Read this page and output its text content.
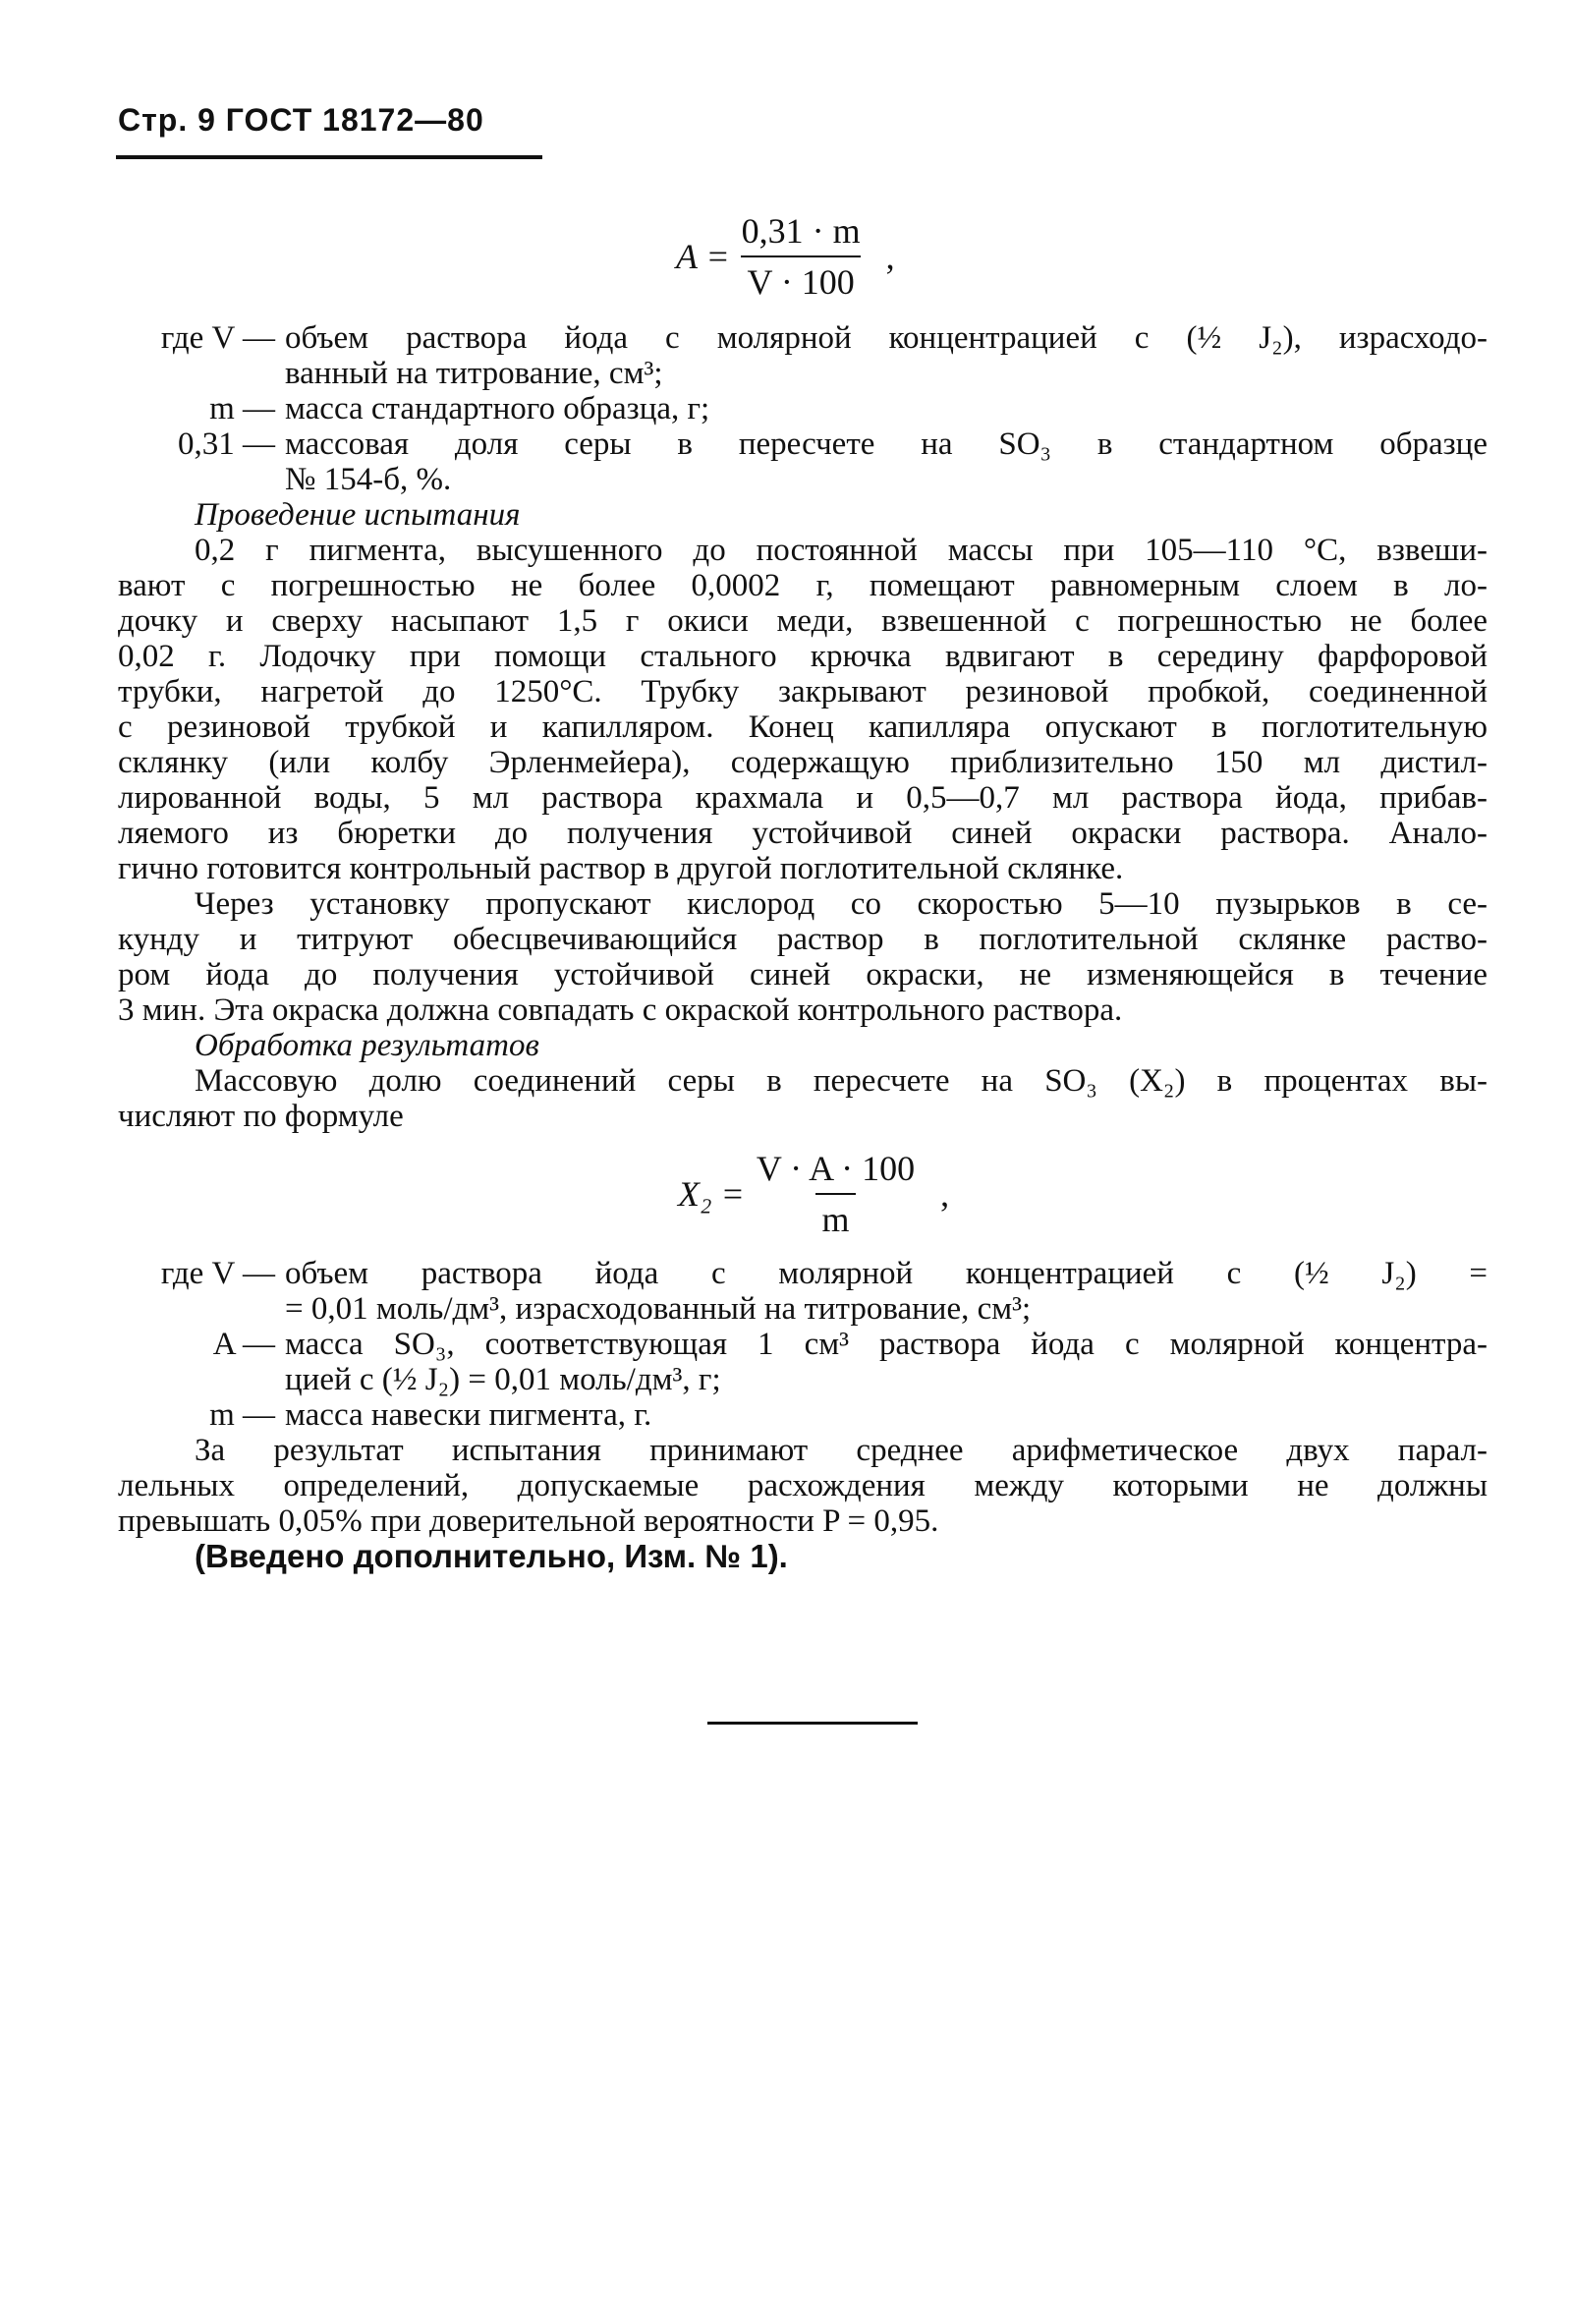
Стр. 9 ГОСТ 18172—80
$A = \frac{0,31 \cdot m}{V \cdot 100}$ ,
где V — объем раствора йода с молярной концентрацией с (½ J₂), израсходо-
ванный на титрование, см³;
m — масса стандартного образца, г;
0,31 — массовая доля серы в пересчете на SO₃ в стандартном образце
№ 154-б, %.
Проведение испытания
0,2 г пигмента, высушенного до постоянной массы при 105—110 °С, взвеши-
вают с погрешностью не более 0,0002 г, помещают равномерным слоем в ло-
дочку и сверху насыпают 1,5 г окиси меди, взвешенной с погрешностью не более
0,02 г. Лодочку при помощи стального крючка вдвигают в середину фарфоровой
трубки, нагретой до 1250°С. Трубку закрывают резиновой пробкой, соединенной
с резиновой трубкой и капилляром. Конец капилляра опускают в поглотительную
склянку (или колбу Эрленмейера), содержащую приблизительно 150 мл дистил-
лированной воды, 5 мл раствора крахмала и 0,5—0,7 мл раствора йода, прибав-
ляемого из бюретки до получения устойчивой синей окраски раствора. Анало-
гично готовится контрольный раствор в другой поглотительной склянке.
Через установку пропускают кислород со скоростью 5—10 пузырьков в се-
кунду и титруют обесцвечивающийся раствор в поглотительной склянке раство-
ром йода до получения устойчивой синей окраски, не изменяющейся в течение
3 мин. Эта окраска должна совпадать с окраской контрольного раствора.
Обработка результатов
Массовую долю соединений серы в пересчете на SO₃ (X₂) в процентах вы-
числяют по формуле
$X_2 = \frac{V \cdot A \cdot 100}{m}$ ,
где V — объем раствора йода с молярной концентрацией с (½ J₂) =
= 0,01 моль/дм³, израсходованный на титрование, см³;
A — масса SO₃, соответствующая 1 см³ раствора йода с молярной концентра-
цией с (½ J₂) = 0,01 моль/дм³, г;
m — масса навески пигмента, г.
За результат испытания принимают среднее арифметическое двух парал-
лельных определений, допускаемые расхождения между которыми не должны
превышать 0,05% при доверительной вероятности P = 0,95.
(Введено дополнительно, Изм. № 1).
